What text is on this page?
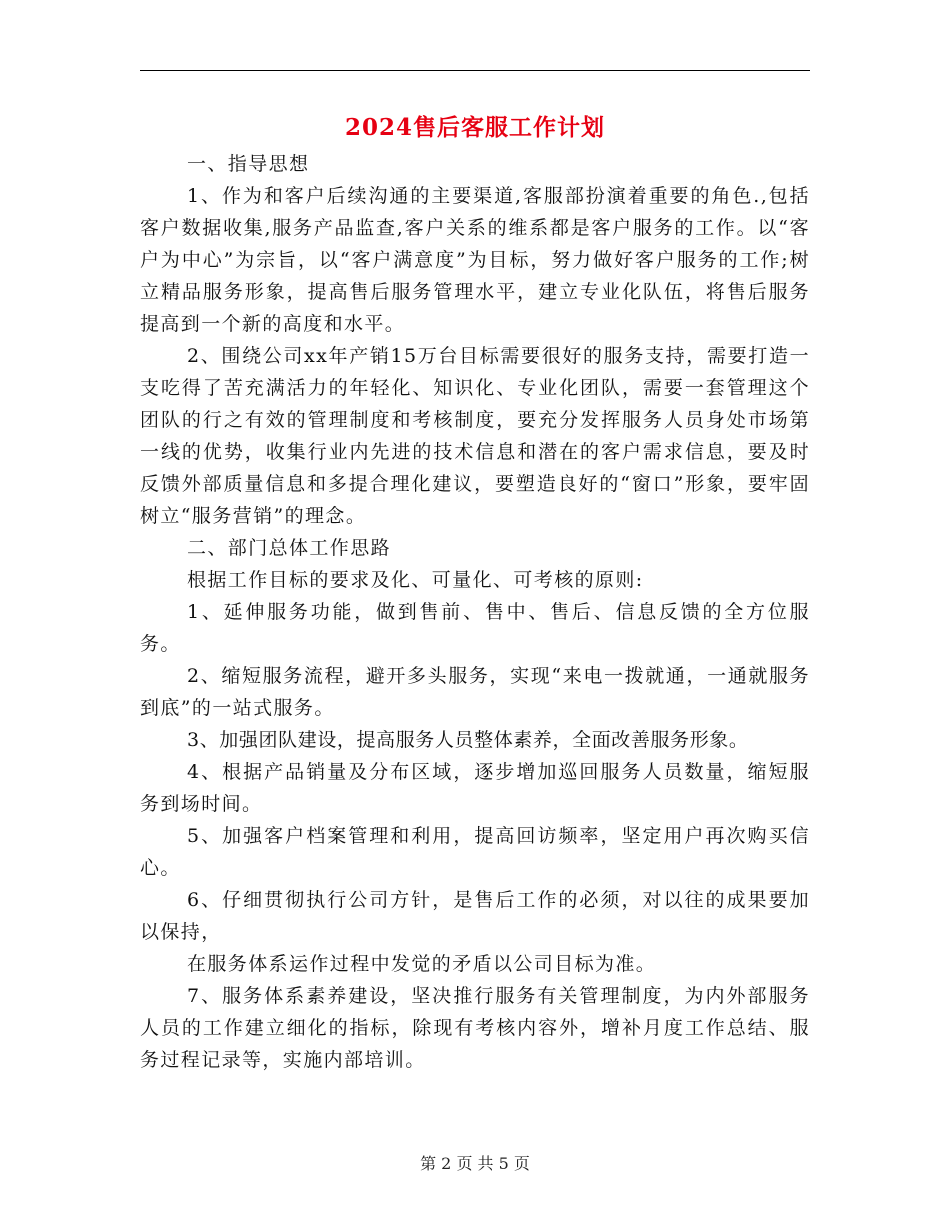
2024售后客服工作计划

一、指导思想

1、作为和客户后续沟通的主要渠道,客服部扮演着重要的角色.,包括客户数据收集,服务产品监查,客户关系的维系都是客户服务的工作。以“客户为中心”为宗旨，以“客户满意度”为目标，努力做好客户服务的工作;树立精品服务形象，提高售后服务管理水平，建立专业化队伍，将售后服务提高到一个新的高度和水平。

2、围绕公司xx年产销15万台目标需要很好的服务支持，需要打造一支吃得了苦充满活力的年轻化、知识化、专业化团队，需要一套管理这个团队的行之有效的管理制度和考核制度，要充分发挥服务人员身处市场第一线的优势，收集行业内先进的技术信息和潜在的客户需求信息，要及时反馈外部质量信息和多提合理化建议，要塑造良好的“窗口”形象，要牢固树立“服务营销”的理念。

二、部门总体工作思路

根据工作目标的要求及化、可量化、可考核的原则:

1、延伸服务功能，做到售前、售中、售后、信息反馈的全方位服务。

2、缩短服务流程，避开多头服务，实现“来电一拨就通，一通就服务到底”的一站式服务。

3、加强团队建设，提高服务人员整体素养，全面改善服务形象。

4、根据产品销量及分布区域，逐步增加巡回服务人员数量，缩短服务到场时间。

5、加强客户档案管理和利用，提高回访频率，坚定用户再次购买信心。

6、仔细贯彻执行公司方针，是售后工作的必须，对以往的成果要加以保持，

在服务体系运作过程中发觉的矛盾以公司目标为准。

7、服务体系素养建设，坚决推行服务有关管理制度，为内外部服务人员的工作建立细化的指标，除现有考核内容外，增补月度工作总结、服务过程记录等，实施内部培训。

第 2 页 共 5 页
